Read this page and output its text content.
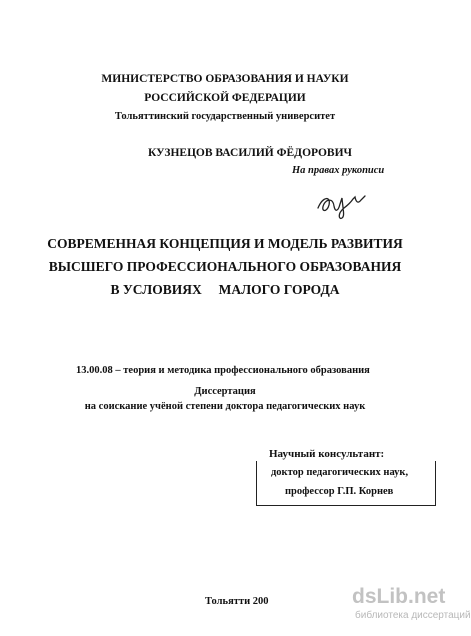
МИНИСТЕРСТВО ОБРАЗОВАНИЯ И НАУКИ
РОССИЙСКОЙ ФЕДЕРАЦИИ
Тольяттинский государственный университет
КУЗНЕЦОВ ВАСИЛИЙ ФЁДОРОВИЧ
На правах рукописи
СОВРЕМЕННАЯ КОНЦЕПЦИЯ И МОДЕЛЬ РАЗВИТИЯ
ВЫСШЕГО ПРОФЕССИОНАЛЬНОГО ОБРАЗОВАНИЯ
В УСЛОВИЯХ     МАЛОГО ГОРОДА
13.00.08 – теория и методика профессионального образования
Диссертация
на соискание учёной степени доктора педагогических наук
Научный консультант:
доктор педагогических наук,
профессор Г.П. Корнев
Тольятти 200	dsLib.net
библиотека диссертаций
